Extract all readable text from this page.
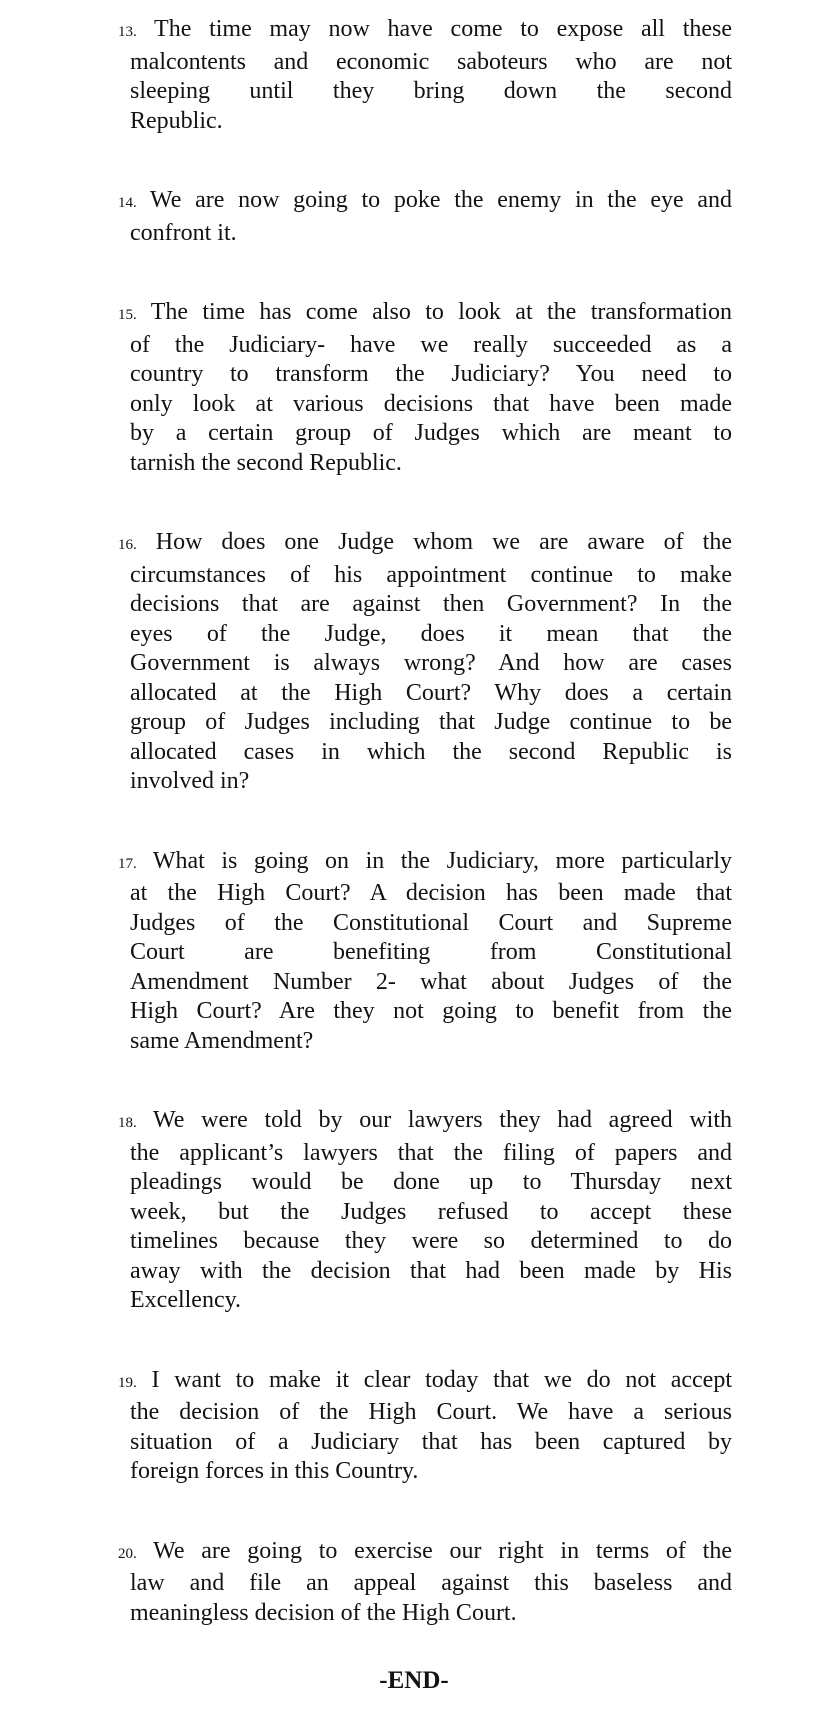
13. The time may now have come to expose all these
malcontents and economic saboteurs who are not
sleeping until they bring down the second
Republic.
14. We are now going to poke the enemy in the eye and
confront it.
15. The time has come also to look at the transformation
of the Judiciary- have we really succeeded as a
country to transform the Judiciary? You need to
only look at various decisions that have been made
by a certain group of Judges which are meant to
tarnish the second Republic.
16. How does one Judge whom we are aware of the
circumstances of his appointment continue to make
decisions that are against then Government? In the
eyes of the Judge, does it mean that the
Government is always wrong? And how are cases
allocated at the High Court? Why does a certain
group of Judges including that Judge continue to be
allocated cases in which the second Republic is
involved in?
17. What is going on in the Judiciary, more particularly
at the High Court? A decision has been made that
Judges of the Constitutional Court and Supreme
Court are benefiting from Constitutional
Amendment Number 2- what about Judges of the
High Court? Are they not going to benefit from the
same Amendment?
18. We were told by our lawyers they had agreed with
the applicant’s lawyers that the filing of papers and
pleadings would be done up to Thursday next
week, but the Judges refused to accept these
timelines because they were so determined to do
away with the decision that had been made by His
Excellency.
19. I want to make it clear today that we do not accept
the decision of the High Court. We have a serious
situation of a Judiciary that has been captured by
foreign forces in this Country.
20. We are going to exercise our right in terms of the
law and file an appeal against this baseless and
meaningless decision of the High Court.
-END-
